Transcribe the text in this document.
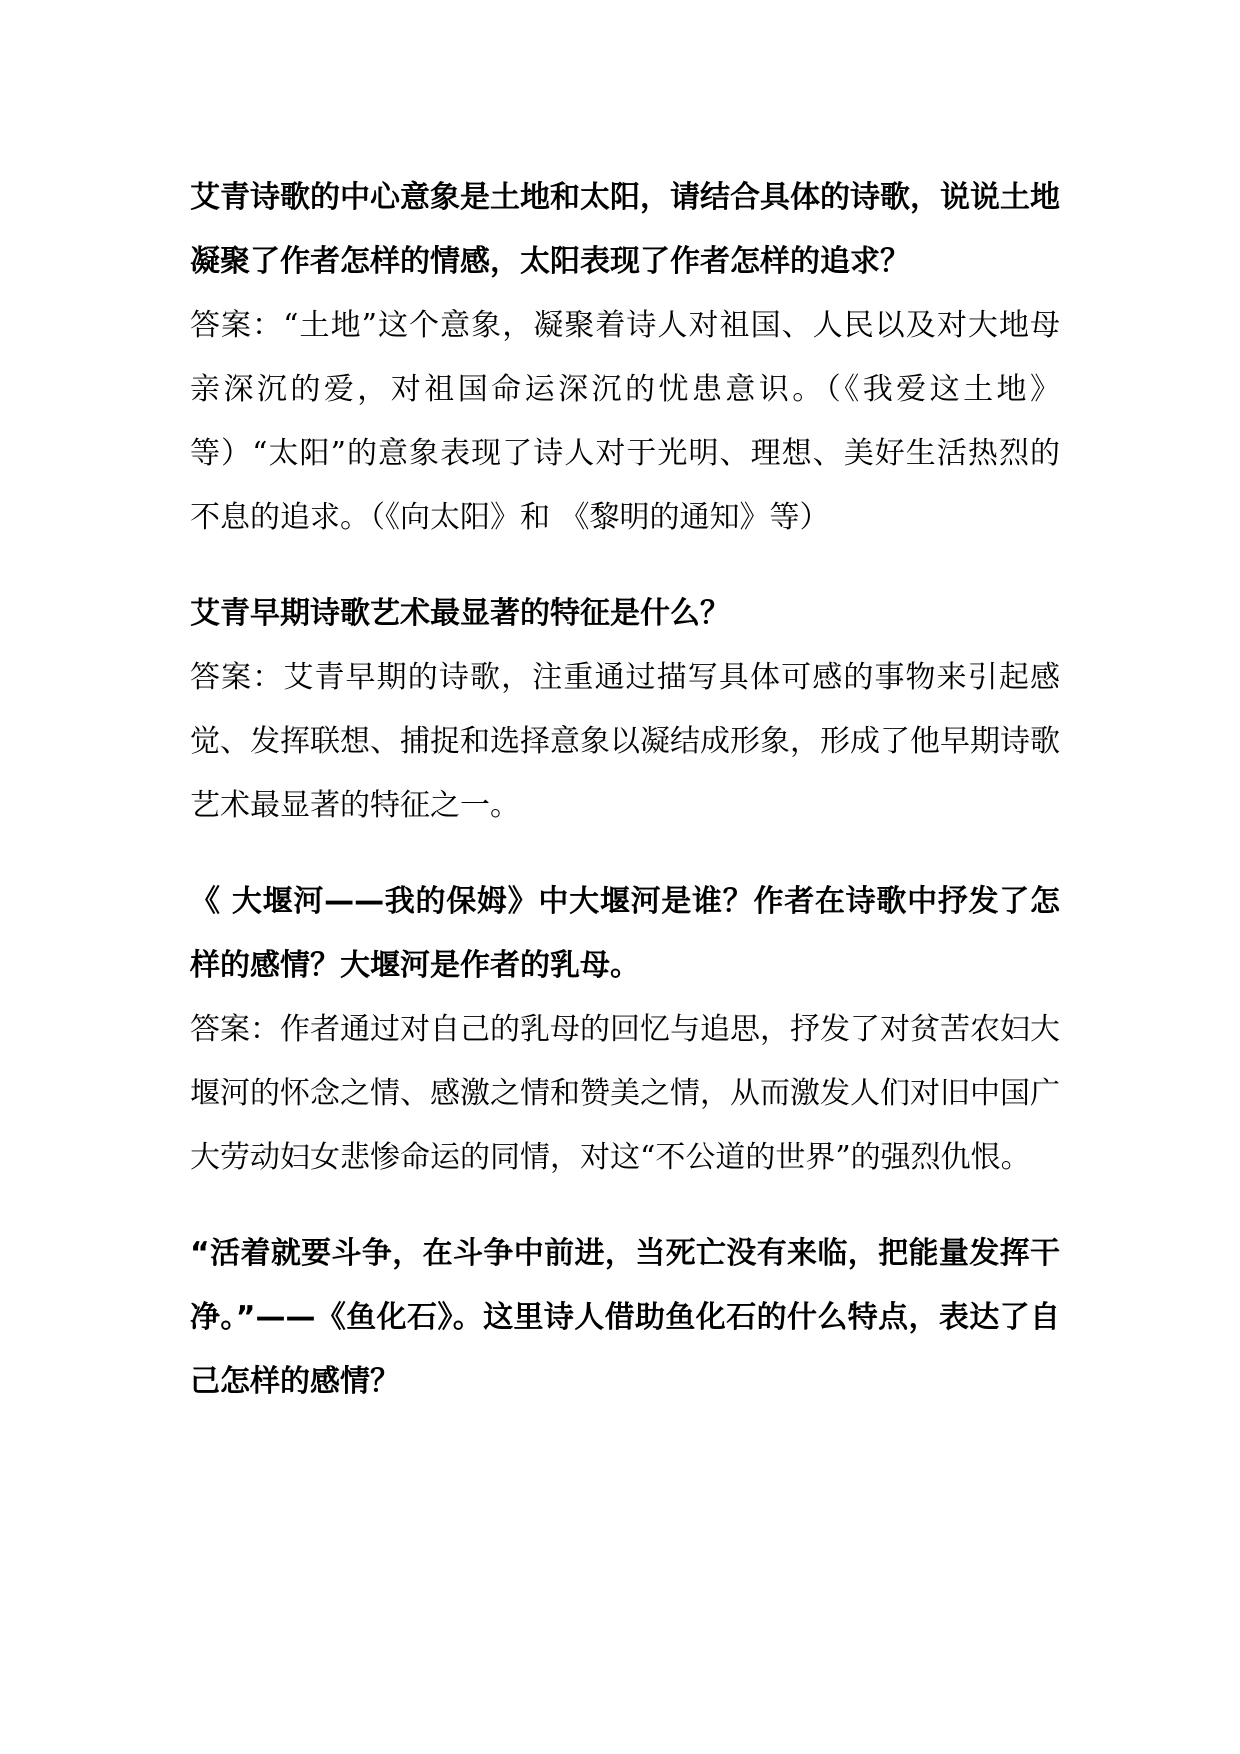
艾青诗歌的中心意象是土地和太阳，请结合具体的诗歌，说说土地凝聚了作者怎样的情感，太阳表现了作者怎样的追求？

答案：“土地”这个意象，凝聚着诗人对祖国、人民以及对大地母亲深沉的爱，对祖国命运深沉的忧患意识。（《我爱这土地》等）“太阳”的意象表现了诗人对于光明、理想、美好生活热烈的不息的追求。（《向太阳》和 《黎明的通知》等）

艾青早期诗歌艺术最显著的特征是什么？

答案：艾青早期的诗歌，注重通过描写具体可感的事物来引起感觉、发挥联想、捕捉和选择意象以凝结成形象，形成了他早期诗歌艺术最显著的特征之一。

《 大堰河——我的保姆》中大堰河是谁？作者在诗歌中抒发了怎样的感情？大堰河是作者的乳母。

答案：作者通过对自己的乳母的回忆与追思，抒发了对贫苦农妇大堰河的怀念之情、感激之情和赞美之情，从而激发人们对旧中国广大劳动妇女悲惨命运的同情，对这“不公道的世界”的强烈仇恨。

“活着就要斗争，在斗争中前进，当死亡没有来临，把能量发挥干净。”——《鱼化石》。这里诗人借助鱼化石的什么特点，表达了自己怎样的感情？
